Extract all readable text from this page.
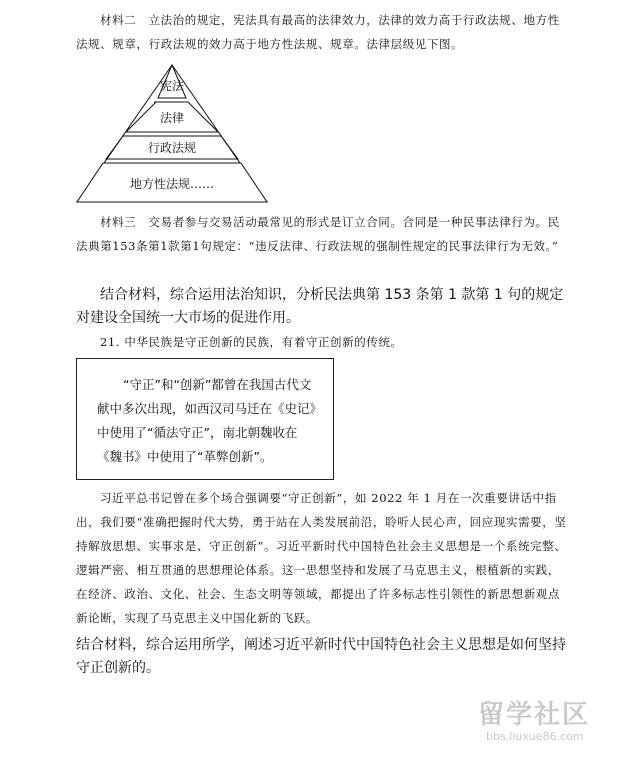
材料二　立法治的规定，宪法具有最高的法律效力，法律的效力高于行政法规、地方性法规、规章，行政法规的效力高于地方性法规、规章。法律层级见下图。
宪法
法律
行政法规
地方性法规……
材料三　交易者参与交易活动最常见的形式是订立合同。合同是一种民事法律行为。民法典第153条第1款第1句规定：“违反法律、行政法规的强制性规定的民事法律行为无效。”
结合材料，综合运用法治知识，分析民法典第 153 条第 1 款第 1 句的规定对建设全国统一大市场的促进作用。
21. 中华民族是守正创新的民族，有着守正创新的传统。

“守正”和“创新”都曾在我国古代文献中多次出现，如西汉司马迁在《史记》中使用了“循法守正”，南北朝魏收在《魏书》中使用了“革弊创新”。

习近平总书记曾在多个场合强调要“守正创新”，如 2022 年 1 月在一次重要讲话中指出，我们要“准确把握时代大势，勇于站在人类发展前沿，聆听人民心声，回应现实需要，坚持解放思想、实事求是、守正创新”。习近平新时代中国特色社会主义思想是一个系统完整、逻辑严密、相互贯通的思想理论体系。这一思想坚持和发展了马克思主义，根植新的实践，在经济、政治、文化、社会、生态文明等领域，都提出了许多标志性引领性的新思想新观点新论断，实现了马克思主义中国化新的飞跃。
结合材料，综合运用所学，阐述习近平新时代中国特色社会主义思想是如何坚持守正创新的。
留学社区
bbs.liuxue86.com
